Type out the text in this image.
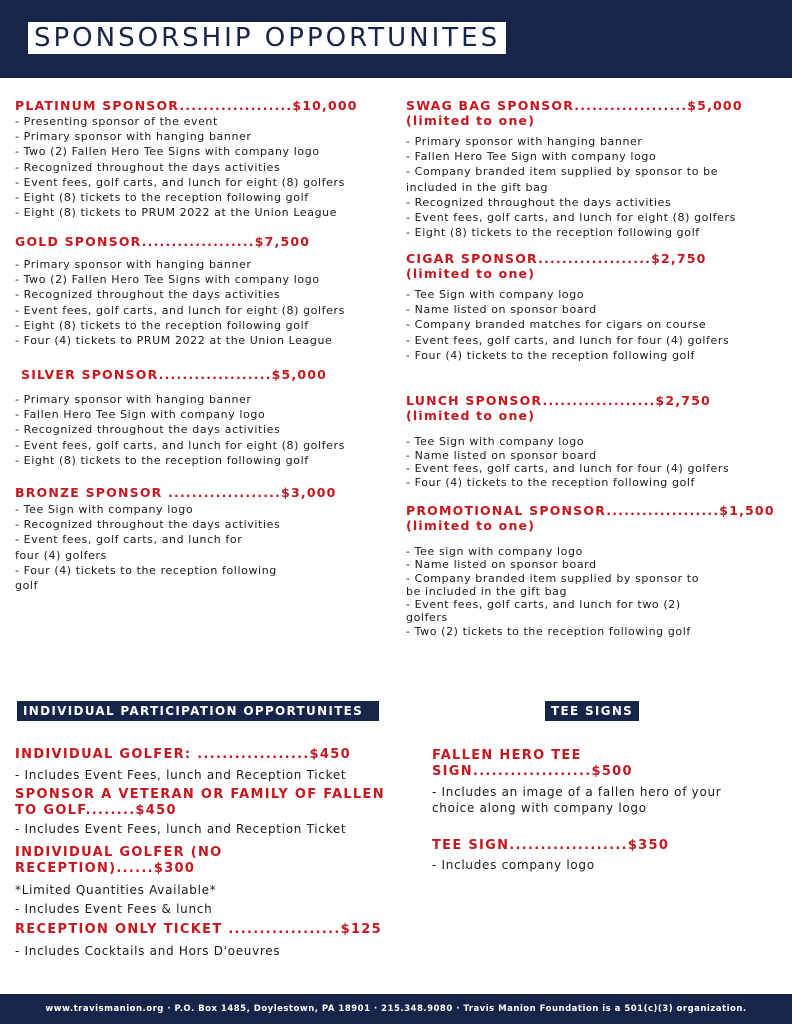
SPONSORSHIP OPPORTUNITES

PLATINUM SPONSOR...................$10,000

- Presenting sponsor of the event
- Primary sponsor with hanging banner
- Two (2) Fallen Hero Tee Signs with company logo
- Recognized throughout the days activities
- Event fees, golf carts, and lunch for eight (8) golfers
- Eight (8) tickets to the reception following golf
- Eight (8) tickets to PRUM 2022 at the Union League

GOLD SPONSOR...................$7,500

- Primary sponsor with hanging banner
- Two (2) Fallen Hero Tee Signs with company logo
- Recognized throughout the days activities
- Event fees, golf carts, and lunch for eight (8) golfers
- Eight (8) tickets to the reception following golf
- Four (4) tickets to PRUM 2022 at the Union League

SILVER SPONSOR...................$5,000

- Primary sponsor with hanging banner
- Fallen Hero Tee Sign with company logo
- Recognized throughout the days activities
- Event fees, golf carts, and lunch for eight (8) golfers
- Eight (8) tickets to the reception following golf

BRONZE SPONSOR ...................$3,000

- Tee Sign with company logo
- Recognized throughout the days activities
- Event fees, golf carts, and lunch for
four (4) golfers
- Four (4) tickets to the reception following
golf

SWAG BAG SPONSOR...................$5,000

(limited to one)

- Primary sponsor with hanging banner
- Fallen Hero Tee Sign with company logo
- Company branded item supplied by sponsor to be
included in the gift bag
- Recognized throughout the days activities
- Event fees, golf carts, and lunch for eight (8) golfers
- Eight (8) tickets to the reception following golf

CIGAR SPONSOR...................$2,750

(limited to one)

- Tee Sign with company logo
- Name listed on sponsor board
- Company branded matches for cigars on course
- Event fees, golf carts, and lunch for four (4) golfers
- Four (4) tickets to the reception following golf

LUNCH SPONSOR...................$2,750

(limited to one)

- Tee Sign with company logo
- Name listed on sponsor board
- Event fees, golf carts, and lunch for four (4) golfers
- Four (4) tickets to the reception following golf

PROMOTIONAL SPONSOR...................$1,500

(limited to one)

- Tee sign with company logo
- Name listed on sponsor board
- Company branded item supplied by sponsor to
be included in the gift bag
- Event fees, golf carts, and lunch for two (2)
golfers
- Two (2) tickets to the reception following golf
INDIVIDUAL PARTICIPATION OPPORTUNITES

INDIVIDUAL GOLFER: ..................$450

- Includes Event Fees, lunch and Reception Ticket

SPONSOR A VETERAN OR FAMILY OF FALLEN TO GOLF........$450

- Includes Event Fees, lunch and Reception Ticket

INDIVIDUAL GOLFER (NO RECEPTION)......$300

*Limited Quantities Available*

- Includes Event Fees & lunch

RECEPTION ONLY TICKET ..................$125

- Includes Cocktails and Hors D'oeuvres

TEE SIGNS

FALLEN HERO TEE SIGN...................$500

- Includes an image of a fallen hero of your

choice along with company logo

TEE SIGN...................$350

- Includes company logo

www.travismanion.org · P.O. Box 1485, Doylestown, PA 18901 · 215.348.9080 · Travis Manion Foundation is a 501(c)(3) organization.
